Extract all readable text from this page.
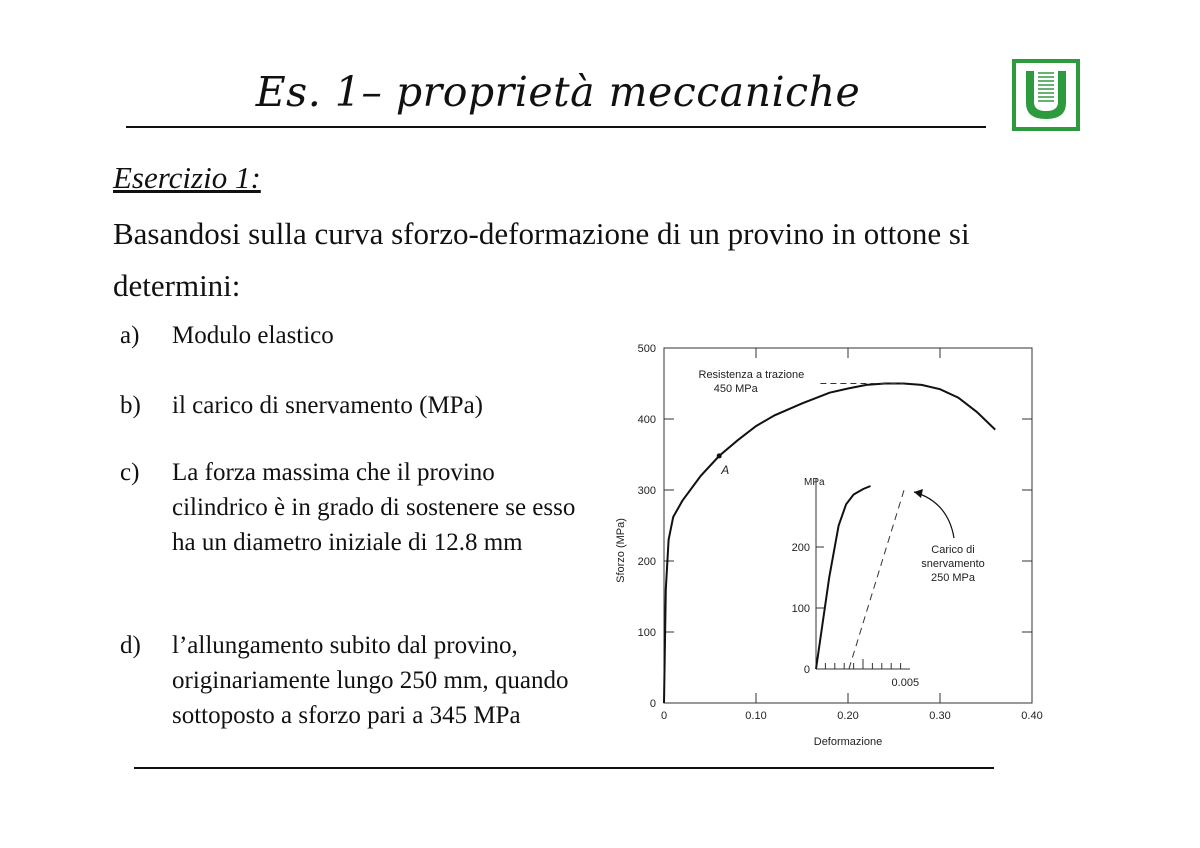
Es. 1– proprietà meccaniche
Esercizio 1:
Basandosi sulla curva sforzo-deformazione di un provino in ottone si determini:
a)	Modulo elastico
b)	il carico di snervamento (MPa)
c)	La forza massima che il provino cilindrico è in grado di sostenere se esso ha un diametro iniziale di 12.8 mm
d)	l’allungamento subito dal provino, originariamente lungo 250 mm, quando sottoposto a sforzo pari a 345 MPa	0
100
200
300
400
500
0	0.10	0.20	0.30	0.40
Deformazione
Sforzo (MPa)
A
Resistenza a trazione
450 MPa
0
100
200
0.005
MPa
Carico di
snervamento
250 MPa
